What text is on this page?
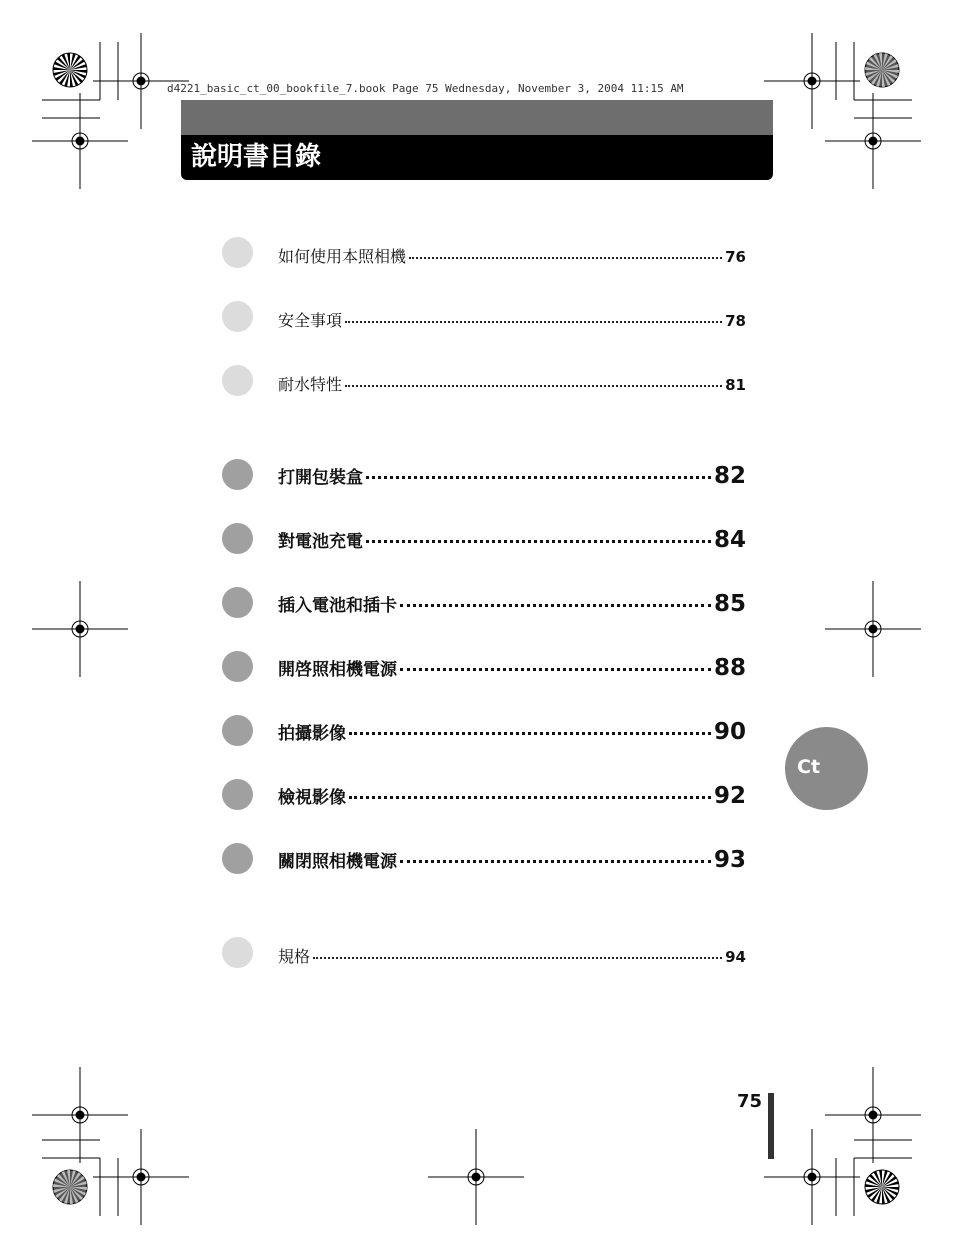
d4221_basic_ct_00_bookfile_7.book Page 75 Wednesday, November 3, 2004 11:15 AM
說明書目錄
如何使用本照相機	76
安全事項	78
耐水特性	81
打開包裝盒	82
對電池充電	84
插入電池和插卡	85
開啓照相機電源	88
拍攝影像	90
檢視影像	92
關閉照相機電源	93
規格	94
Ct
75
